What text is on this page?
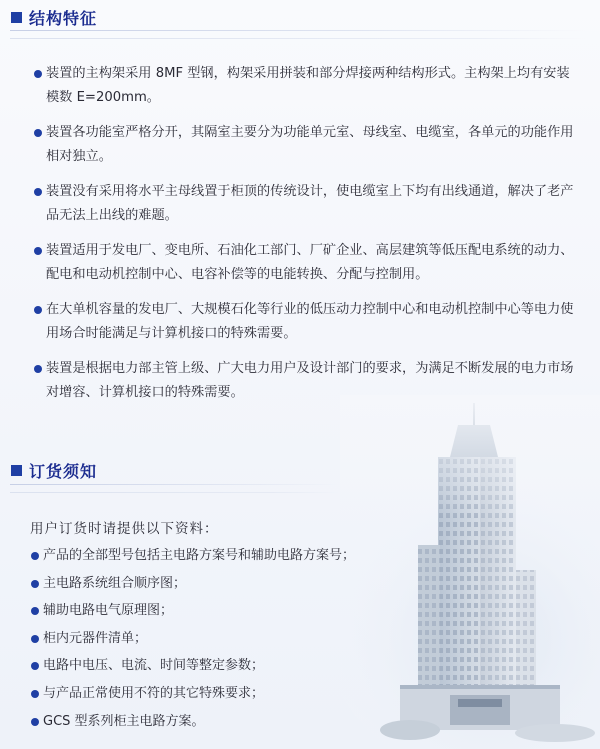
结构特征
装置的主构架采用 8MF 型钢，构架采用拼装和部分焊接两种结构形式。主构架上均有安装模数 E=200mm。
装置各功能室严格分开，其隔室主要分为功能单元室、母线室、电缆室，各单元的功能作用相对独立。
装置没有采用将水平主母线置于柜顶的传统设计，使电缆室上下均有出线通道，解决了老产品无法上出线的难题。
装置适用于发电厂、变电所、石油化工部门、厂矿企业、高层建筑等低压配电系统的动力、配电和电动机控制中心、电容补偿等的电能转换、分配与控制用。
在大单机容量的发电厂、大规模石化等行业的低压动力控制中心和电动机控制中心等电力使用场合时能满足与计算机接口的特殊需要。
装置是根据电力部主管上级、广大电力用户及设计部门的要求，为满足不断发展的电力市场对增容、计算机接口的特殊需要。
订货须知
用户订货时请提供以下资料：
产品的全部型号包括主电路方案号和辅助电路方案号；
主电路系统组合顺序图；
辅助电路电气原理图；
柜内元器件清单；
电路中电压、电流、时间等整定参数；
与产品正常使用不符的其它特殊要求；
GCS 型系列柜主电路方案。
